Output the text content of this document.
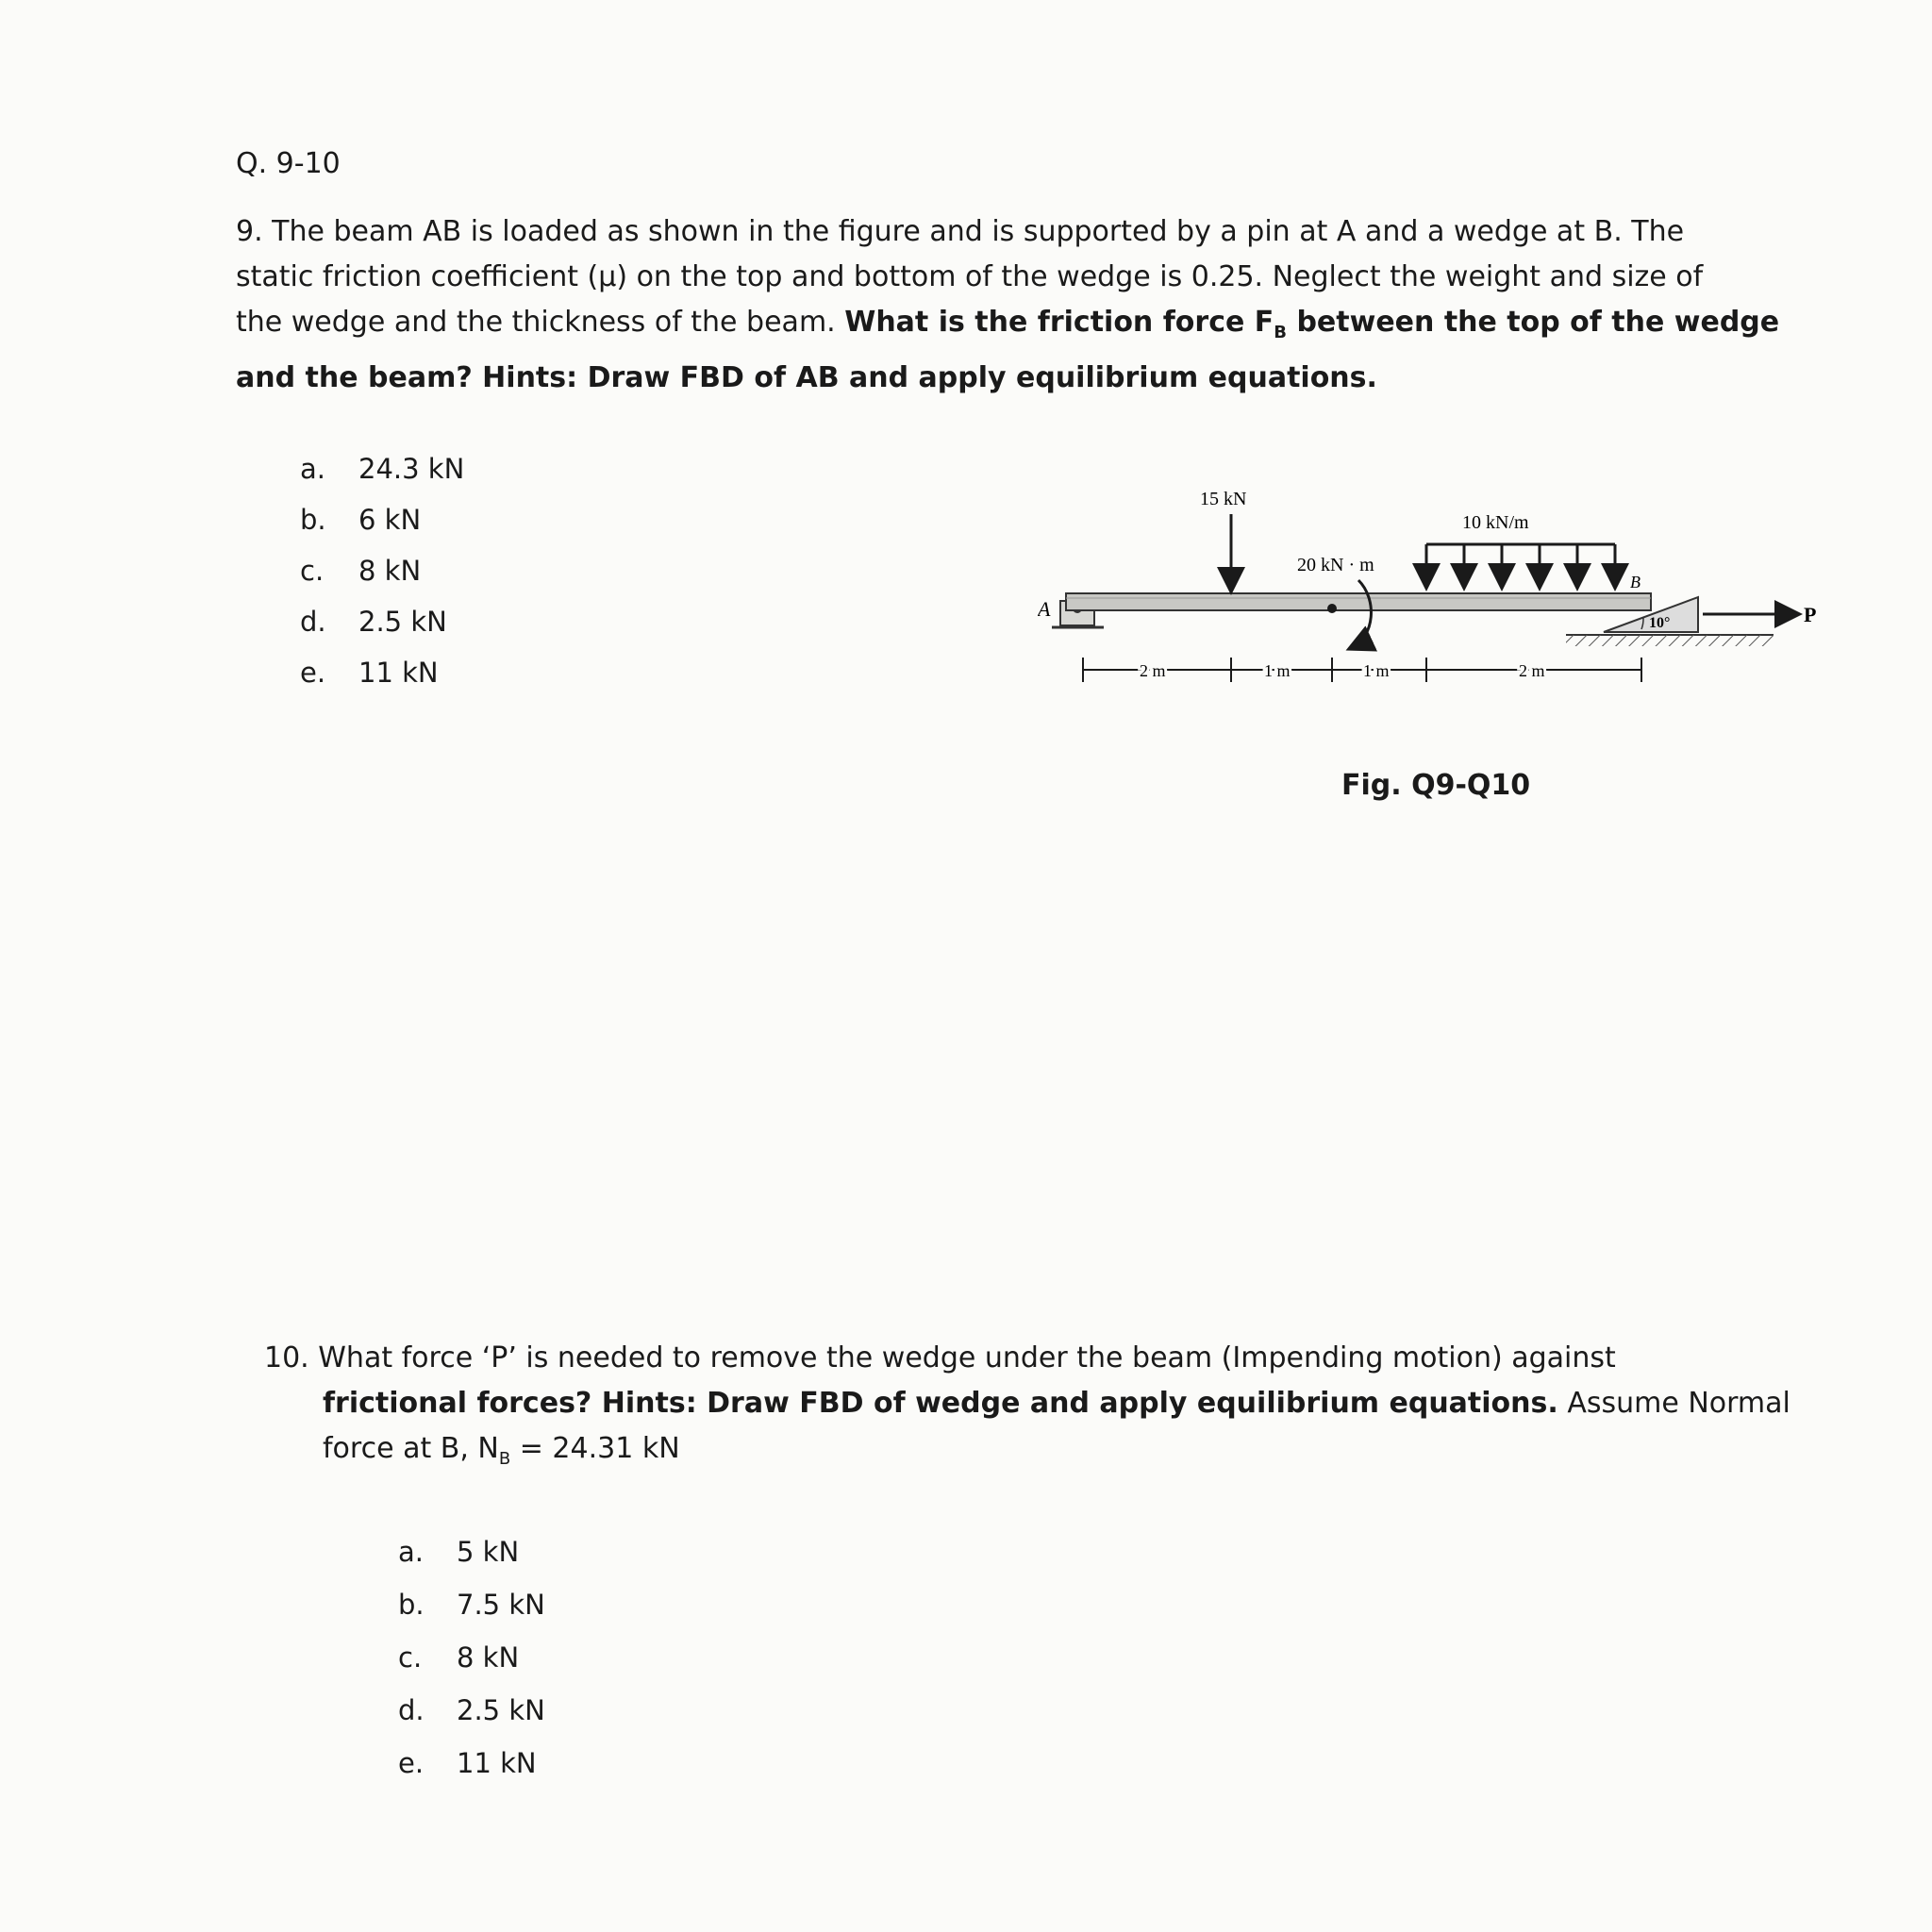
Q. 9-10
9. The beam AB is loaded as shown in the figure and is supported by a pin at A and a wedge at B. The
static friction coefficient (μ) on the top and bottom of the wedge is 0.25. Neglect the weight and size of
the wedge and the thickness of the beam. What is the friction force $F_B$ between the top of the wedge
and the beam? Hints: Draw FBD of AB and apply equilibrium equations.
a. 24.3 kN
b. 6 kN
c. 8 kN
d. 2.5 kN
e. 11 kN
A
15 kN
20 kN · m
10 kN/m
B
10°	P
2 m	1 m	1 m	2 m
Fig. Q9-Q10
10. What force ‘P’ is needed to remove the wedge under the beam (Impending motion) against
frictional forces? Hints: Draw FBD of wedge and apply equilibrium equations. Assume Normal
force at B, $N_B = 24.31$ kN
a. 5 kN
b. 7.5 kN
c. 8 kN
d. 2.5 kN
e. 11 kN
